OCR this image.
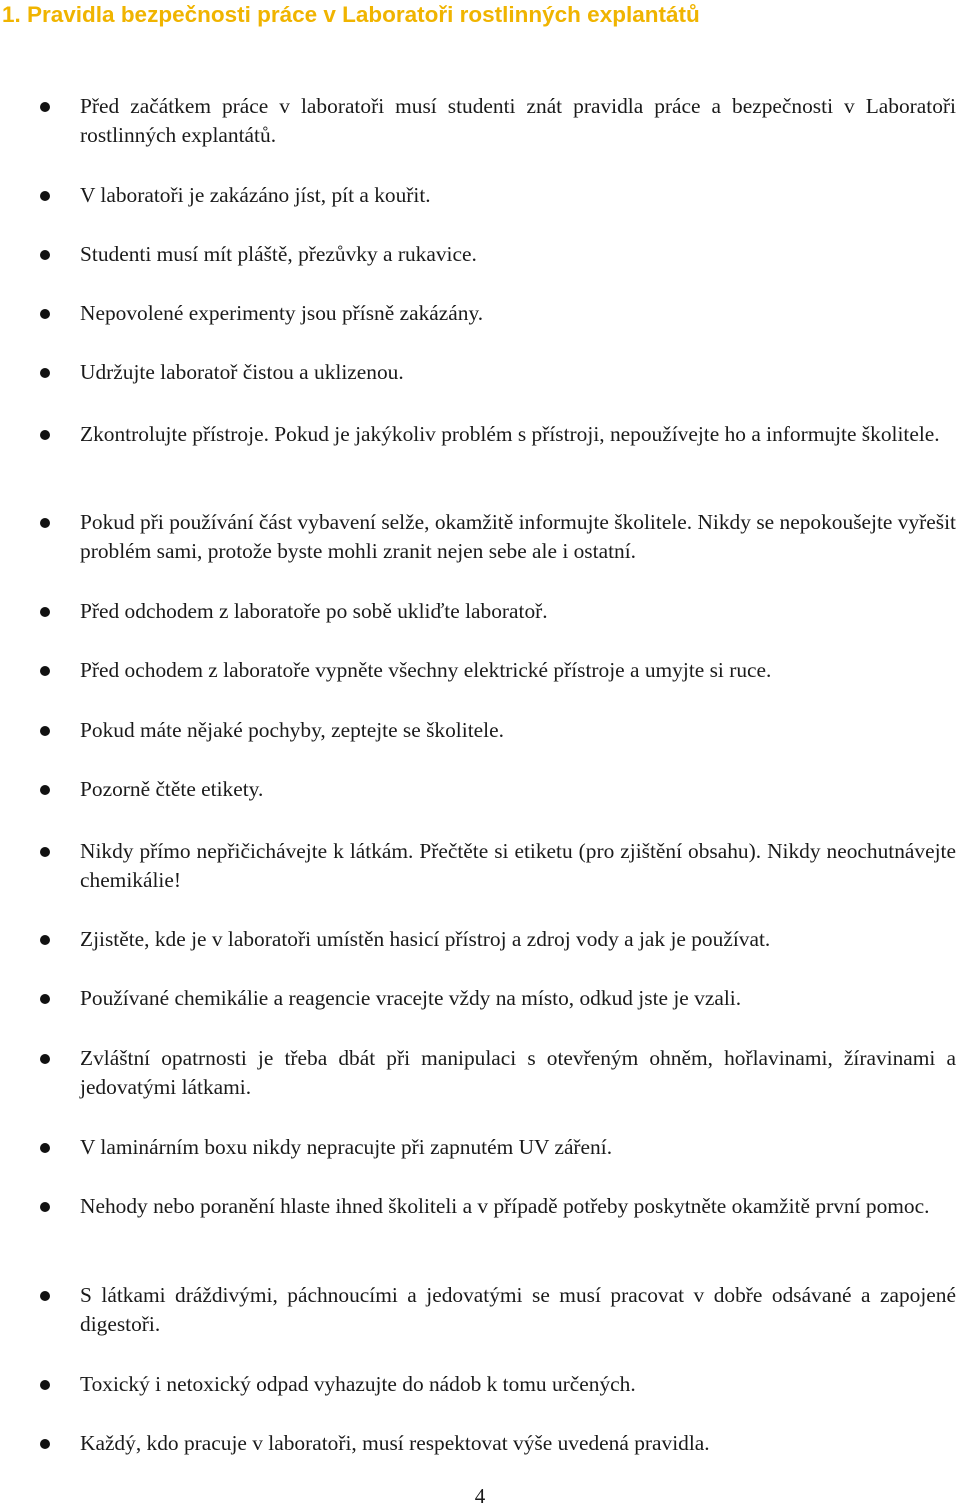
1. Pravidla bezpečnosti práce v Laboratoři rostlinných explantátů
Před začátkem práce v laboratoři musí studenti znát pravidla práce a bezpečnosti v Laboratoři rostlinných explantátů.
V laboratoři je zakázáno jíst, pít a kouřit.
Studenti musí mít pláště, přezůvky a rukavice.
Nepovolené experimenty jsou přísně zakázány.
Udržujte laboratoř čistou a uklizenou.
Zkontrolujte přístroje. Pokud je jakýkoliv problém s přístroji, nepoužívejte ho a informujte školitele.
Pokud při používání část vybavení selže, okamžitě informujte školitele. Nikdy se nepokoušejte vyřešit problém sami, protože byste mohli zranit nejen sebe ale i ostatní.
Před odchodem z laboratoře po sobě ukliďte laboratoř.
Před ochodem z laboratoře vypněte všechny elektrické přístroje a umyjte si ruce.
Pokud máte nějaké pochyby, zeptejte se školitele.
Pozorně čtěte etikety.
Nikdy přímo nepřičichávejte k látkám. Přečtěte si etiketu (pro zjištění obsahu). Nikdy neochutnávejte chemikálie!
Zjistěte, kde je v laboratoři umístěn hasicí přístroj a zdroj vody a jak je používat.
Používané chemikálie a reagencie vracejte vždy na místo, odkud jste je vzali.
Zvláštní opatrnosti je třeba dbát při manipulaci s otevřeným ohněm, hořlavinami, žíravinami a jedovatými látkami.
V laminárním boxu nikdy nepracujte při zapnutém UV záření.
Nehody nebo poranění hlaste ihned školiteli a v případě potřeby poskytněte okamžitě první pomoc.
S látkami dráždivými, páchnoucími a jedovatými se musí pracovat v dobře odsávané a zapojené digestoři.
Toxický i netoxický odpad vyhazujte do nádob k tomu určených.
Každý, kdo pracuje v laboratoři, musí respektovat výše uvedená pravidla.
4
